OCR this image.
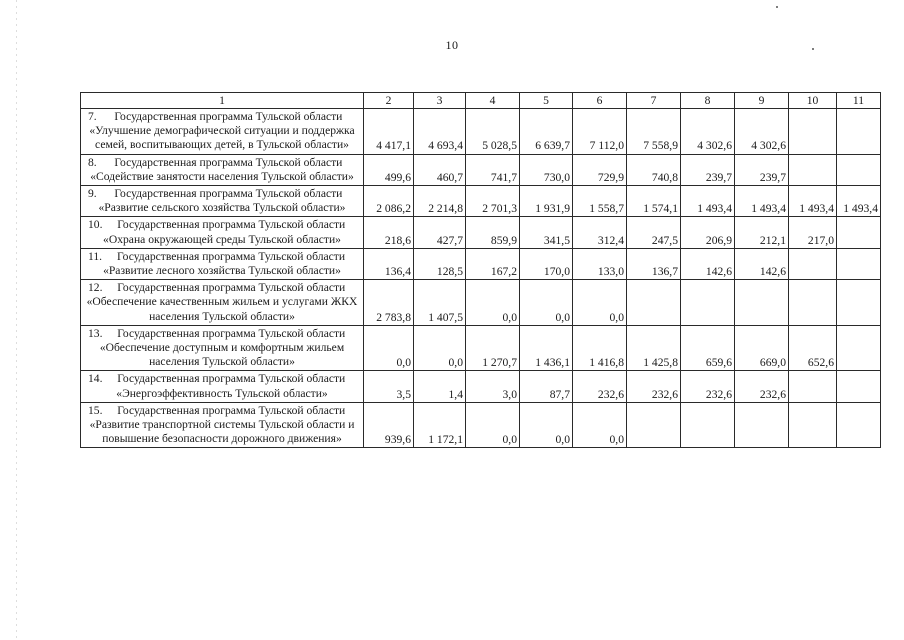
10
1	2	3	4	5	6	7	8	9	10	11

7. Государственная программа Тульской области «Улучшение демографической ситуации и поддержка семей, воспитывающих детей, в Тульской области»	4 417,1	4 693,4	5 028,5	6 639,7	7 112,0	7 558,9	4 302,6	4 302,6		

8. Государственная программа Тульской области «Содействие занятости населения Тульской области»	499,6	460,7	741,7	730,0	729,9	740,8	239,7	239,7		

9. Государственная программа Тульской области «Развитие сельского хозяйства Тульской области»	2 086,2	2 214,8	2 701,3	1 931,9	1 558,7	1 574,1	1 493,4	1 493,4	1 493,4	1 493,4

10. Государственная программа Тульской области «Охрана окружающей среды Тульской области»	218,6	427,7	859,9	341,5	312,4	247,5	206,9	212,1	217,0	

11. Государственная программа Тульской области «Развитие лесного хозяйства Тульской области»	136,4	128,5	167,2	170,0	133,0	136,7	142,6	142,6		

12. Государственная программа Тульской области «Обеспечение качественным жильем и услугами ЖКХ населения Тульской области»	2 783,8	1 407,5	0,0	0,0	0,0					

13. Государственная программа Тульской области «Обеспечение доступным и комфортным жильем населения Тульской области»	0,0	0,0	1 270,7	1 436,1	1 416,8	1 425,8	659,6	669,0	652,6	

14. Государственная программа Тульской области «Энергоэффективность Тульской области»	3,5	1,4	3,0	87,7	232,6	232,6	232,6	232,6		

15. Государственная программа Тульской области «Развитие транспортной системы Тульской области и повышение безопасности дорожного движения»	939,6	1 172,1	0,0	0,0	0,0					
